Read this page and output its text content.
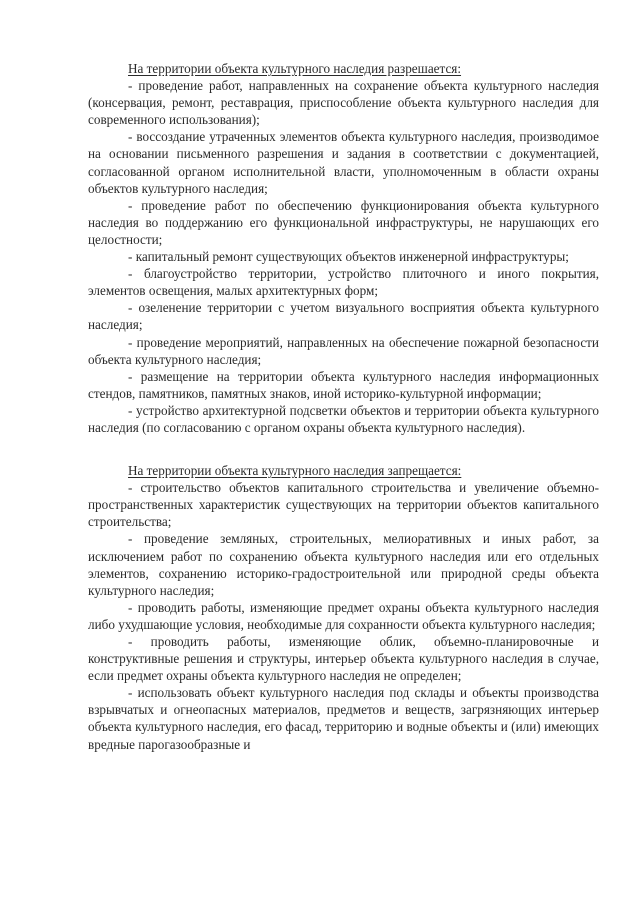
На территории объекта культурного наследия разрешается:

- проведение работ, направленных на сохранение объекта культурного наследия (консервация, ремонт, реставрация, приспособление объекта культурного наследия для современного использования);

- воссоздание утраченных элементов объекта культурного наследия, производимое на основании письменного разрешения и задания в соответствии с документацией, согласованной органом исполнительной власти, уполномоченным в области охраны объектов культурного наследия;

- проведение работ по обеспечению функционирования объекта культурного наследия во поддержанию его функциональной инфраструктуры, не нарушающих его целостности;

- капитальный ремонт существующих объектов инженерной инфраструктуры;

- благоустройство территории, устройство плиточного и иного покрытия, элементов освещения, малых архитектурных форм;

- озеленение территории с учетом визуального восприятия объекта культурного наследия;

- проведение мероприятий, направленных на обеспечение пожарной безопасности объекта культурного наследия;

- размещение на территории объекта культурного наследия информационных стендов, памятников, памятных знаков, иной историко-культурной информации;

- устройство архитектурной подсветки объектов и территории объекта культурного наследия (по согласованию с органом охраны объекта культурного наследия).

На территории объекта культурного наследия запрещается:

- строительство объектов капитального строительства и увеличение объемно-пространственных характеристик существующих на территории объектов капитального строительства;

- проведение земляных, строительных, мелиоративных и иных работ, за исключением работ по сохранению объекта культурного наследия или его отдельных элементов, сохранению историко-градостроительной или природной среды объекта культурного наследия;

- проводить работы, изменяющие предмет охраны объекта культурного наследия либо ухудшающие условия, необходимые для сохранности объекта культурного наследия;

- проводить работы, изменяющие облик, объемно-планировочные и конструктивные решения и структуры, интерьер объекта культурного наследия в случае, если предмет охраны объекта культурного наследия не определен;

- использовать объект культурного наследия под склады и объекты производства взрывчатых и огнеопасных материалов, предметов и веществ, загрязняющих интерьер объекта культурного наследия, его фасад, территорию и водные объекты и (или) имеющих вредные парогазообразные и
